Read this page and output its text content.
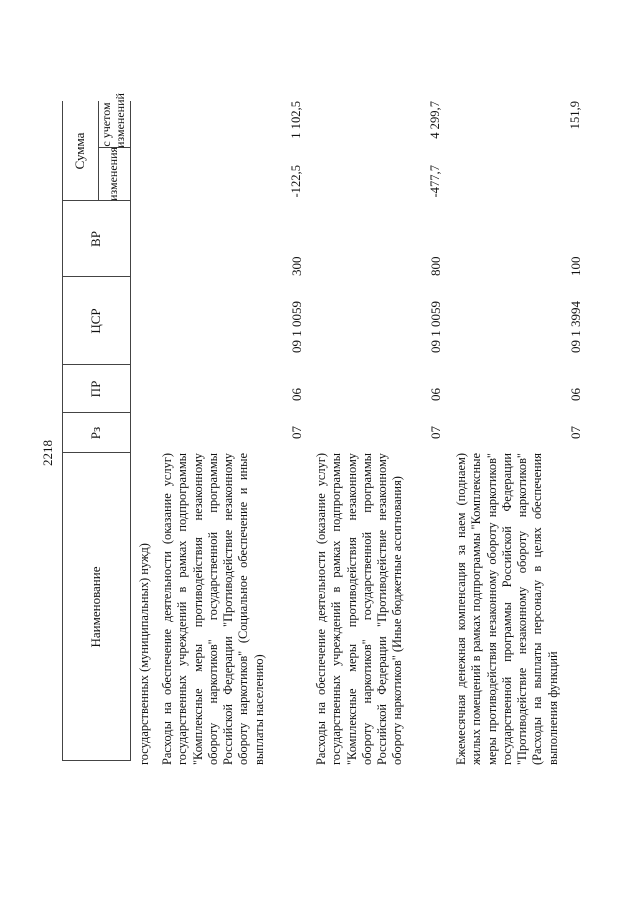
2218
Наименование
Рз
ПР
ЦСР
ВР
Сумма изменения
с учетом изменений
государственных (муниципальных) нужд) Расходы на обеспечение деятельности (оказание услуг) государственных учреждений в рамках подпрограммы "Комплексные меры противодействия незаконному обороту наркотиков" государственной программы Российской Федерации "Противодействие незаконному обороту наркотиков" (Социальное обеспечение и иные выплаты населению)
07
06
09 1 0059
300
-122,5
1 102,5
Расходы на обеспечение деятельности (оказание услуг) государственных учреждений в рамках подпрограммы "Комплексные меры противодействия незаконному обороту наркотиков" государственной программы Российской Федерации "Противодействие незаконному обороту наркотиков" (Иные бюджетные ассигнования)
07
06
09 1 0059
800
-477,7
4 299,7
Ежемесячная денежная компенсация за наем (поднаем) жилых помещений в рамках подпрограммы "Комплексные меры противодействия незаконному обороту наркотиков" государственной программы Российской Федерации "Противодействие незаконному обороту наркотиков" (Расходы на выплаты персоналу в целях обеспечения выполнения функций
07
06
09 1 3994
100
151,9
